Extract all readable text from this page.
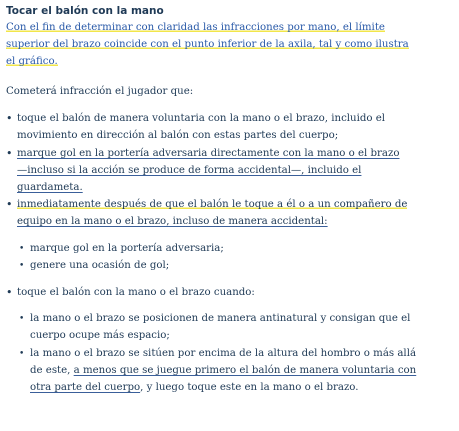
Tocar el balón con la mano
Con el fin de determinar con claridad las infracciones por mano, el límite
superior del brazo coincide con el punto inferior de la axila, tal y como ilustra
el gráfico.
Cometerá infracción el jugador que:
• toque el balón de manera voluntaria con la mano o el brazo, incluido el
movimiento en dirección al balón con estas partes del cuerpo;
• marque gol en la portería adversaria directamente con la mano o el brazo
—incluso si la acción se produce de forma accidental—, incluido el
guardameta.
• inmediatamente después de que el balón le toque a él o a un compañero de
equipo en la mano o el brazo, incluso de manera accidental:
• marque gol en la portería adversaria;
• genere una ocasión de gol;
• toque el balón con la mano o el brazo cuando:
• la mano o el brazo se posicionen de manera antinatural y consigan que el
cuerpo ocupe más espacio;
• la mano o el brazo se sitúen por encima de la altura del hombro o más allá
de este, a menos que se juegue primero el balón de manera voluntaria con
otra parte del cuerpo, y luego toque este en la mano o el brazo.
